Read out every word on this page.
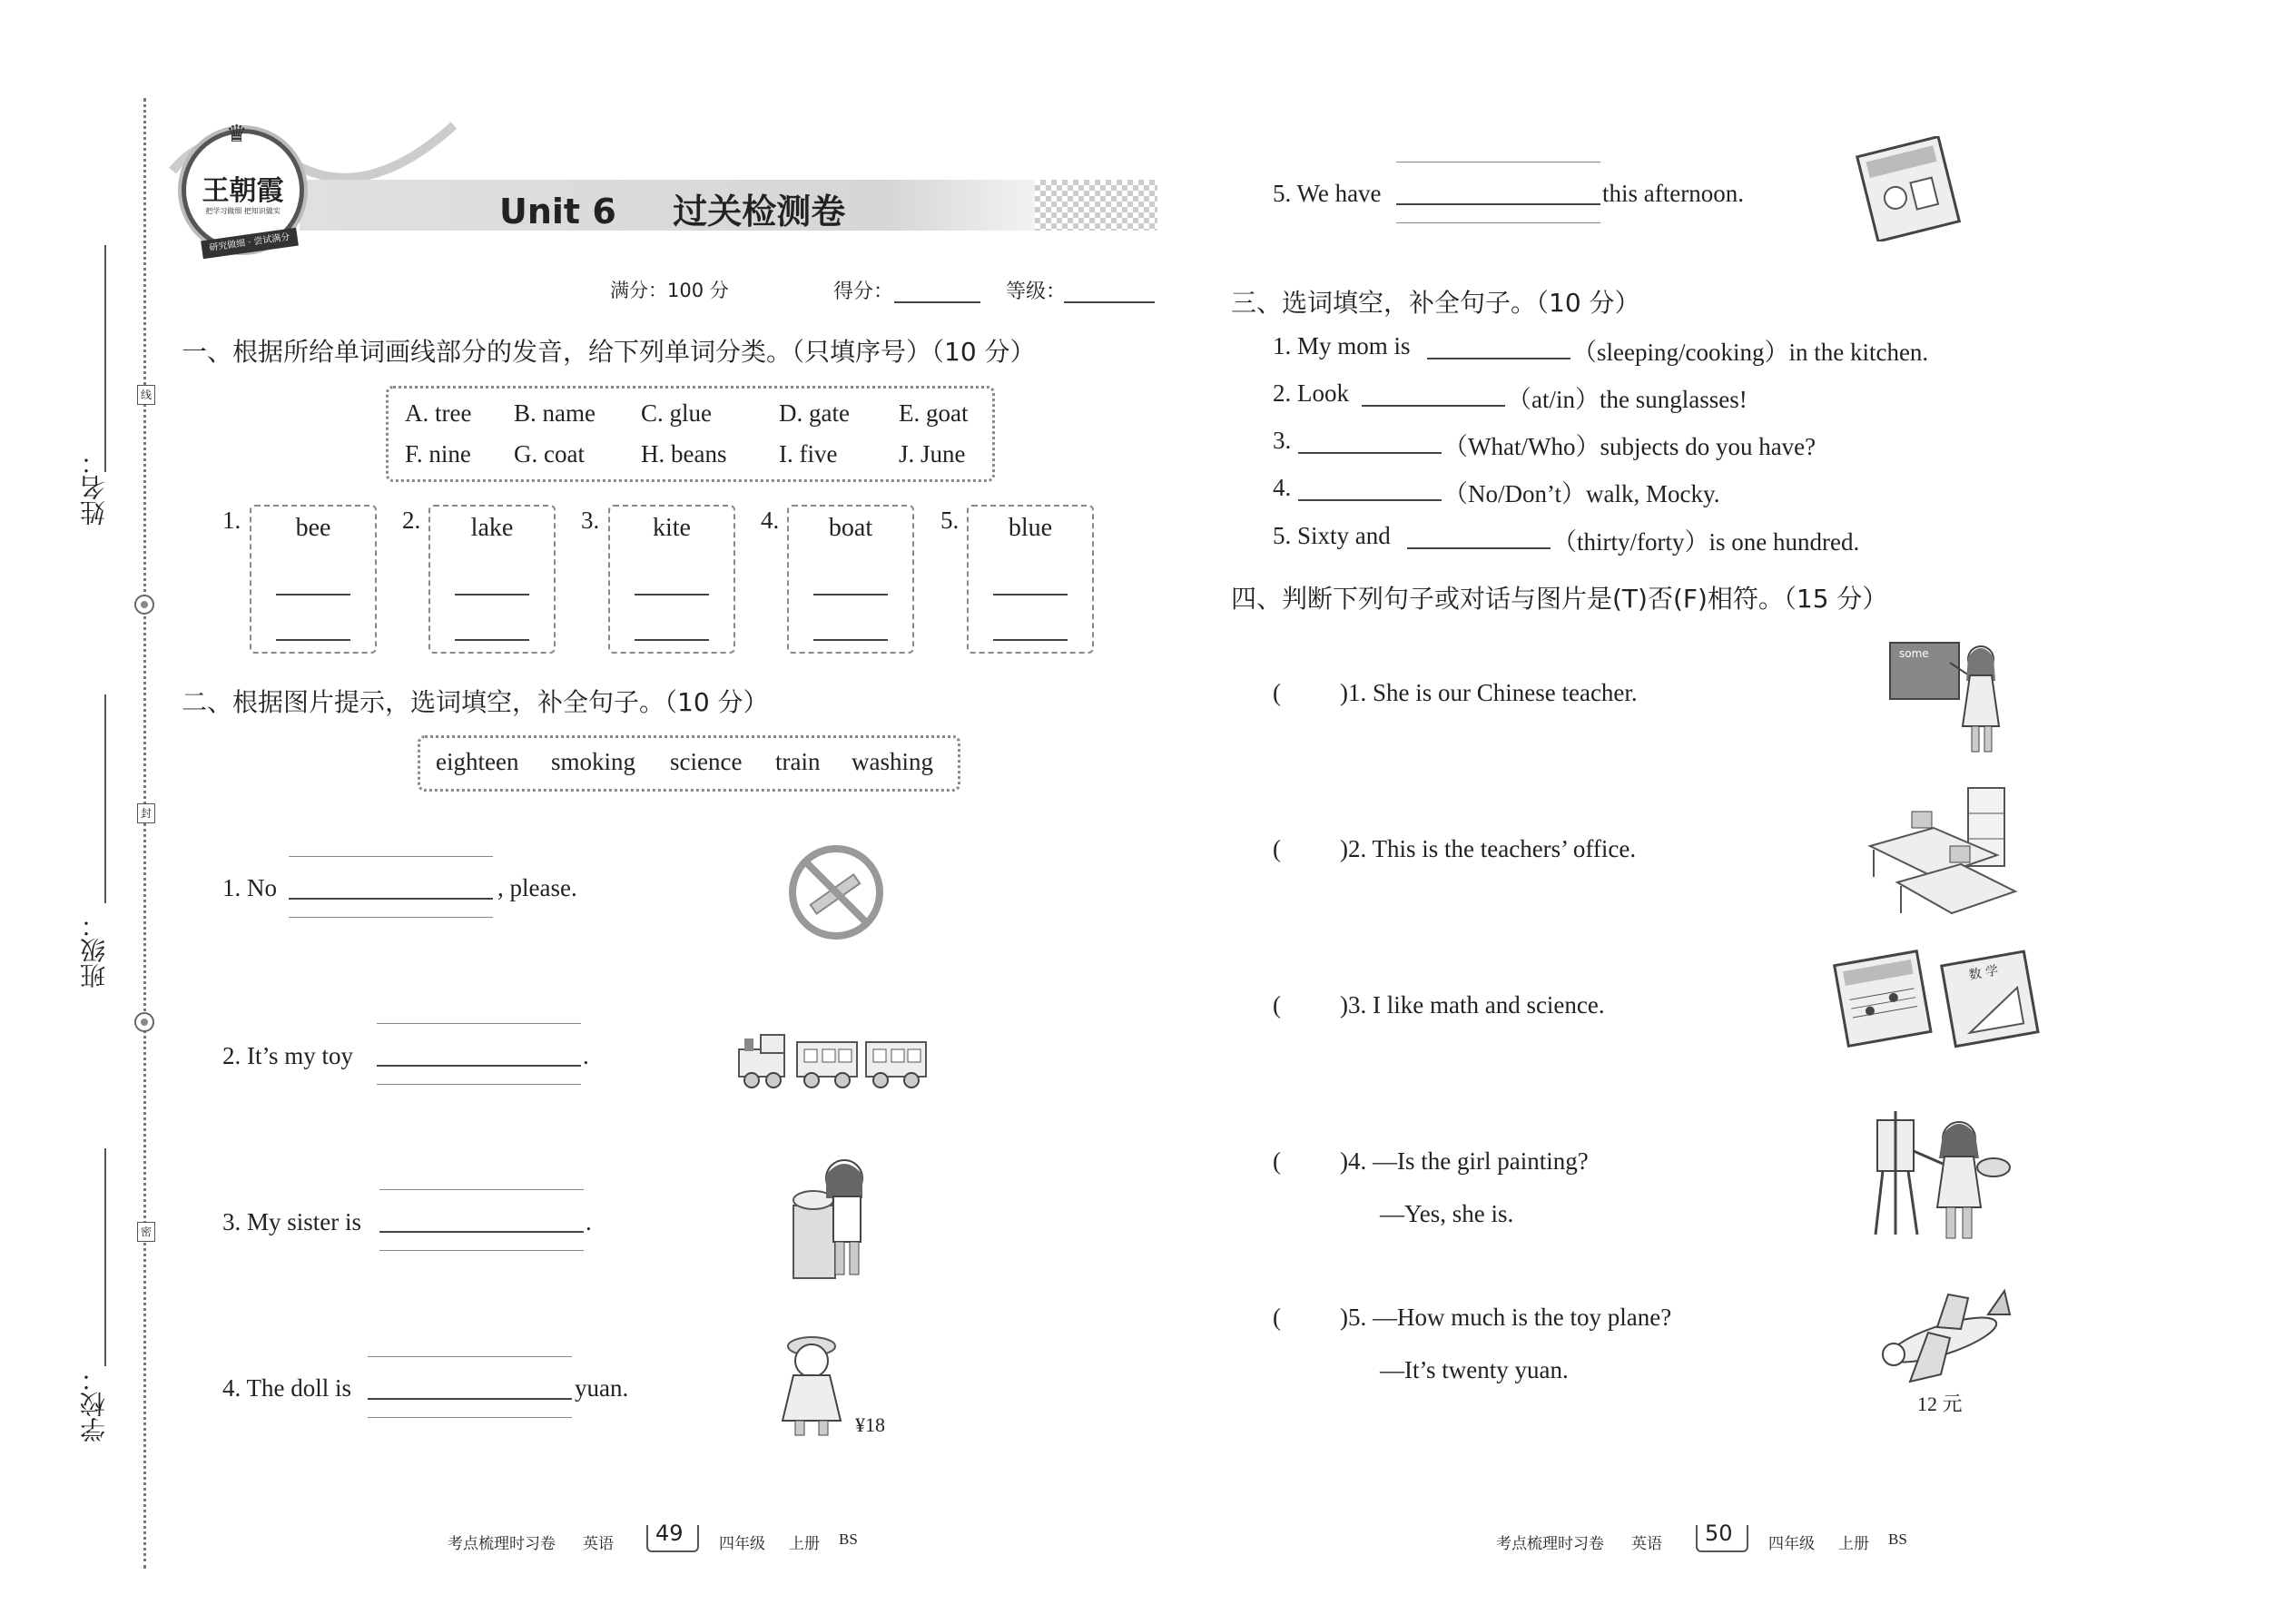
姓名：
班级：
学校：
线
封
密
Unit 6 过关检测卷
♛
王朝霞
把学习做细 把知识做实
研究做细 · 尝试满分
满分：100 分	得分：	等级：
一、根据所给单词画线部分的发音，给下列单词分类。（只填序号）（10 分）
A. tree B. name C. glue	D. gate E. goat
F. nine G. coat H. beans I. five	J. June
1.	bee	2.	lake	3.	kite	4.	boat	5.	blue
二、根据图片提示，选词填空，补全句子。（10 分）
eighteen smoking science train washing
1. No	, please.
2. It’s my toy	.
3. My sister is	.
4. The doll is	yuan.
¥18
5. We have	this afternoon.
三、选词填空，补全句子。（10 分）
1. My mom is	（sleeping/cooking）in the kitchen.
2. Look	（at/in）the sunglasses!
3.	（What/Who）subjects do you have?
4.	（No/Don’t）walk, Mocky.
5. Sixty and	（thirty/forty）is one hundred.
四、判断下列句子或对话与图片是(T)否(F)相符。（15 分）
( )1. She is our Chinese teacher.
some
( )2. This is the teachers’ office.
( )3. I like math and science.
数 学
( )4. —Is the girl painting?
—Yes, she is.
( )5. —How much is the toy plane?
—It’s twenty yuan.
12 元
考点梳理时习卷 英语 49 四年级 上册 BS	考点梳理时习卷 英语 50 四年级 上册 BS
